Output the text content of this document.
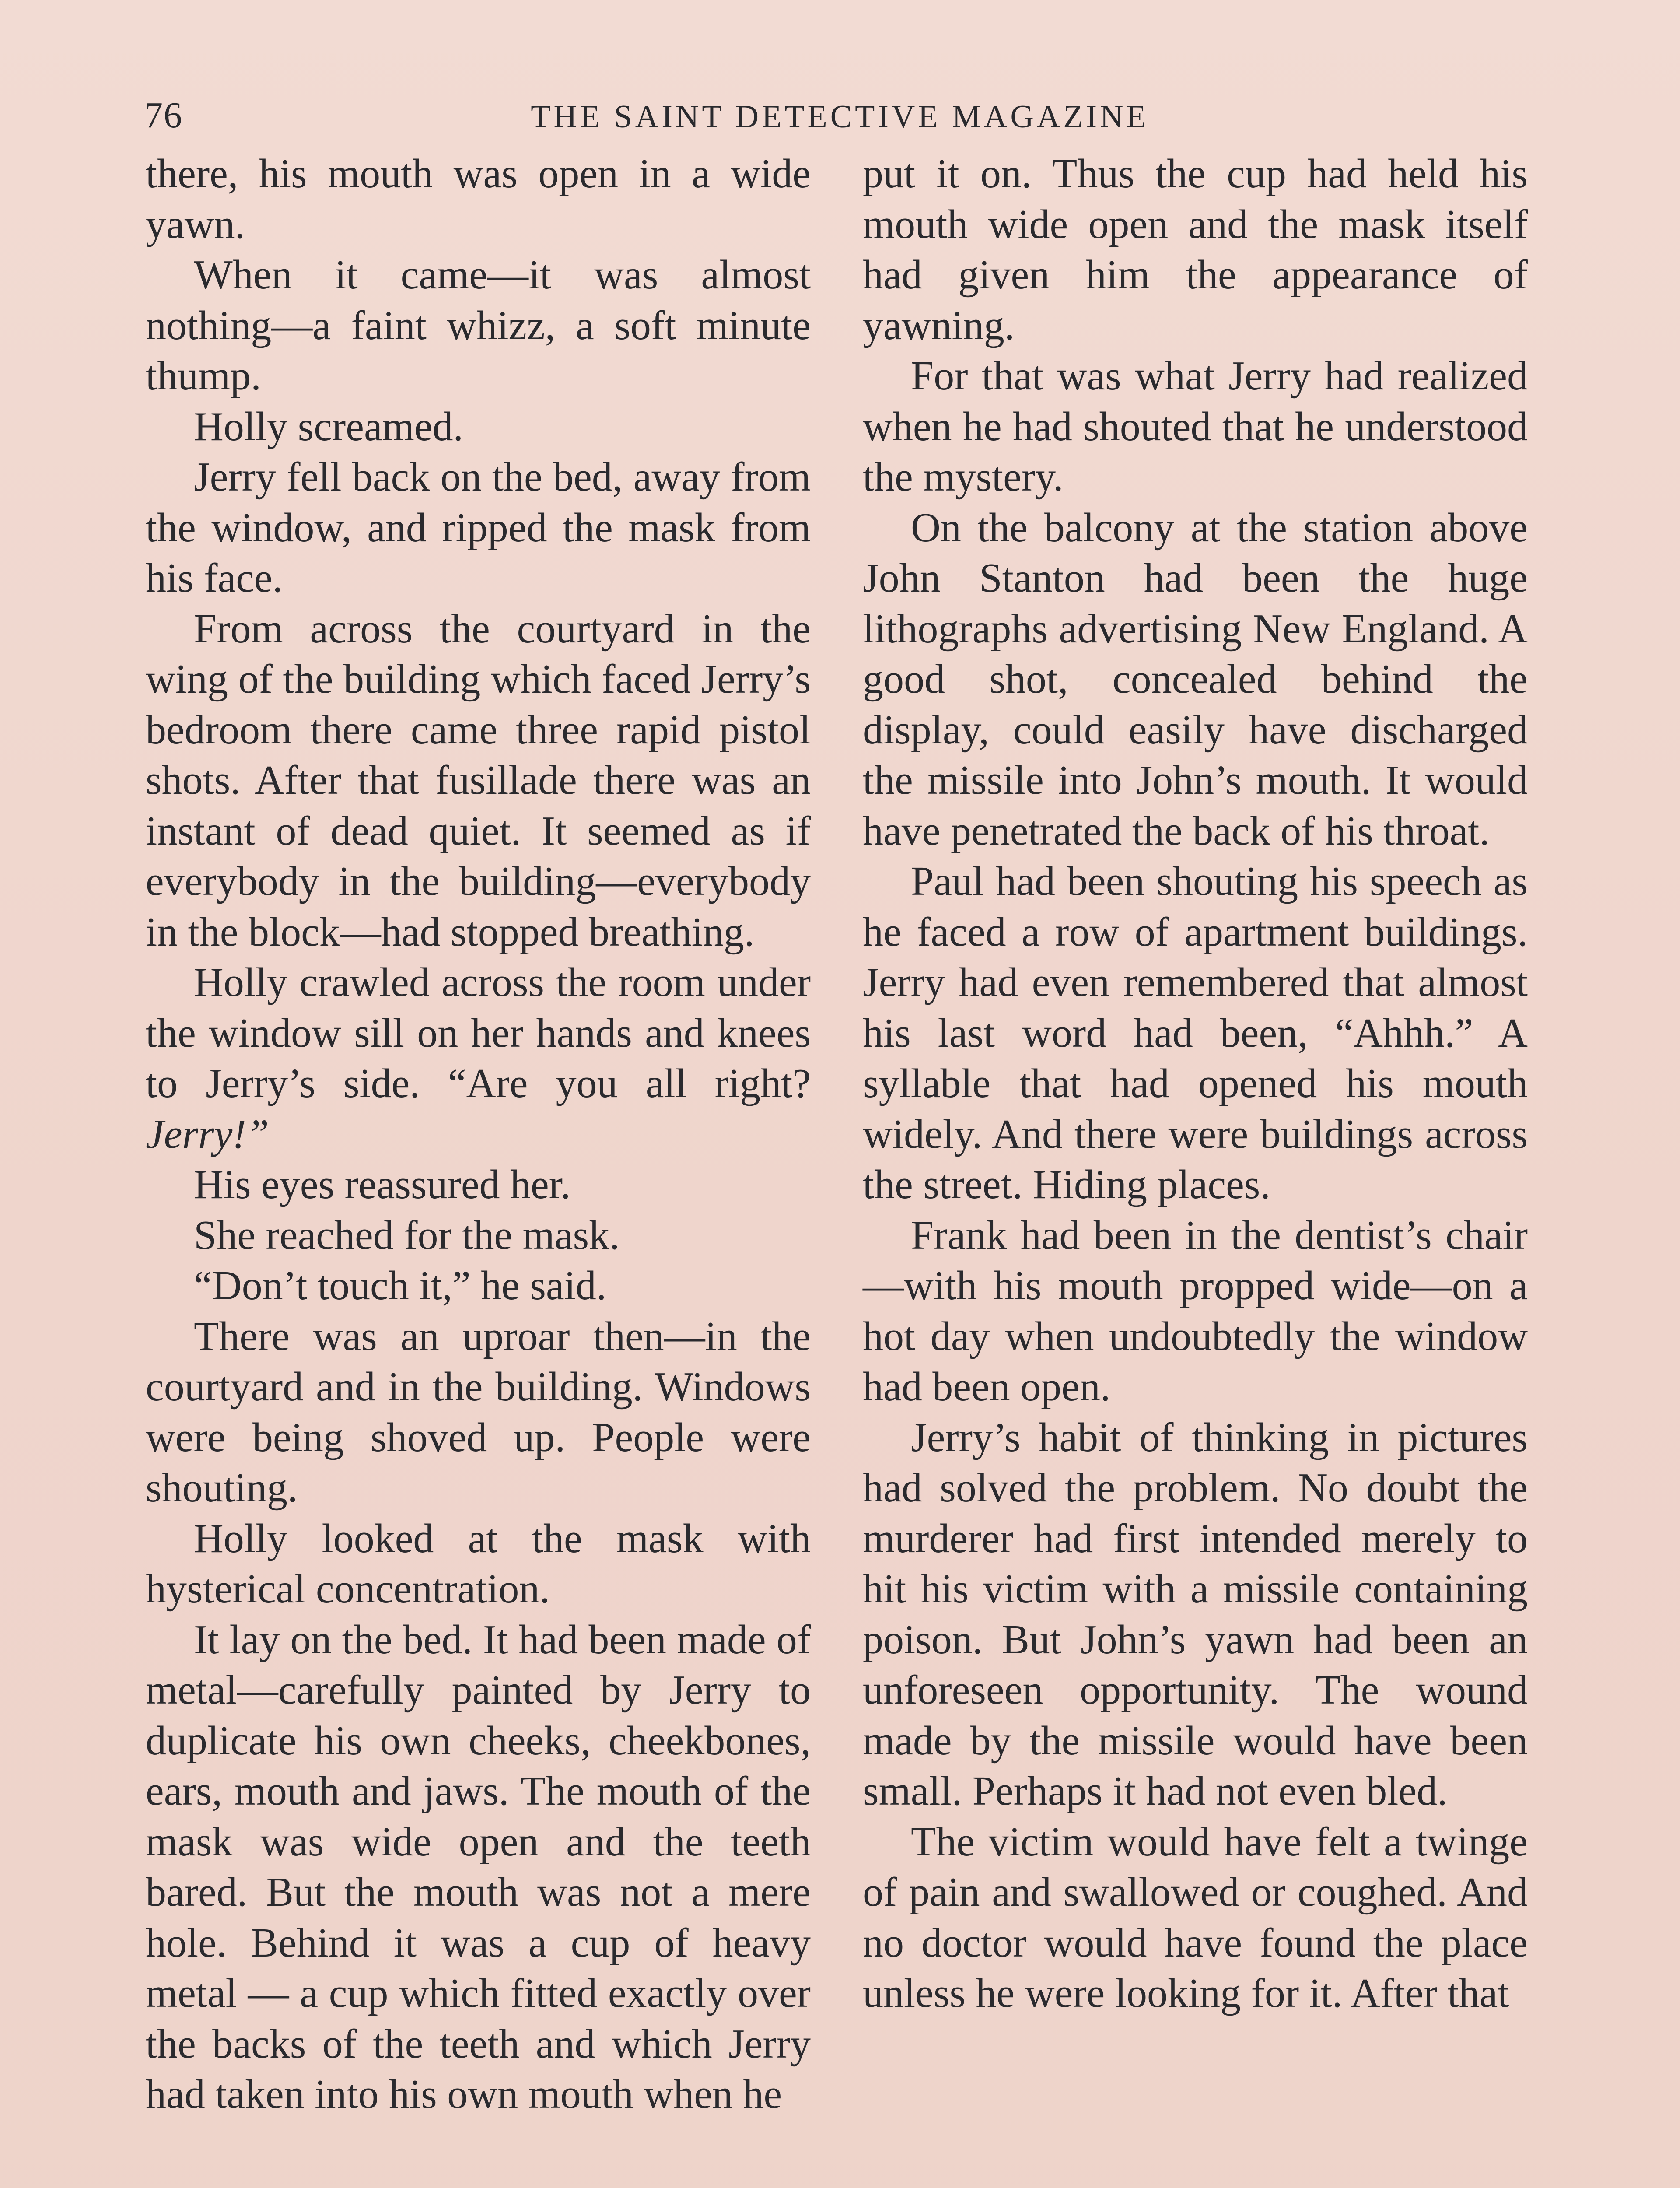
76	THE SAINT DETECTIVE MAGAZINE

there, his mouth was open in a wide yawn.

When it came—it was almost nothing—a faint whizz, a soft minute thump.

Holly screamed.

Jerry fell back on the bed, away from the window, and ripped the mask from his face.

From across the courtyard in the wing of the building which faced Jerry’s bedroom there came three rapid pistol shots. After that fusillade there was an instant of dead quiet. It seemed as if everybody in the building—everybody in the block—had stopped breathing.

Holly crawled across the room under the window sill on her hands and knees to Jerry’s side. “Are you all right? Jerry!”

His eyes reassured her.

She reached for the mask.

“Don’t touch it,” he said.

There was an uproar then—in the courtyard and in the building. Windows were being shoved up. People were shouting.

Holly looked at the mask with hysterical concentration.

It lay on the bed. It had been made of metal—carefully painted by Jerry to duplicate his own cheeks, cheekbones, ears, mouth and jaws. The mouth of the mask was wide open and the teeth bared. But the mouth was not a mere hole. Behind it was a cup of heavy metal — a cup which fitted exactly over the backs of the teeth and which Jerry had taken into his own mouth when he

put it on. Thus the cup had held his mouth wide open and the mask itself had given him the appearance of yawning.

For that was what Jerry had realized when he had shouted that he understood the mystery.

On the balcony at the station above John Stanton had been the huge lithographs advertising New England. A good shot, concealed behind the display, could easily have discharged the missile into John’s mouth. It would have penetrated the back of his throat.

Paul had been shouting his speech as he faced a row of apartment buildings. Jerry had even remembered that almost his last word had been, “Ahhh.” A syllable that had opened his mouth widely. And there were buildings across the street. Hiding places.

Frank had been in the dentist’s chair—with his mouth propped wide—on a hot day when undoubtedly the window had been open.

Jerry’s habit of thinking in pictures had solved the problem. No doubt the murderer had first intended merely to hit his victim with a missile containing poison. But John’s yawn had been an unforeseen opportunity. The wound made by the missile would have been small. Perhaps it had not even bled.

The victim would have felt a twinge of pain and swallowed or coughed. And no doctor would have found the place unless he were looking for it. After that
